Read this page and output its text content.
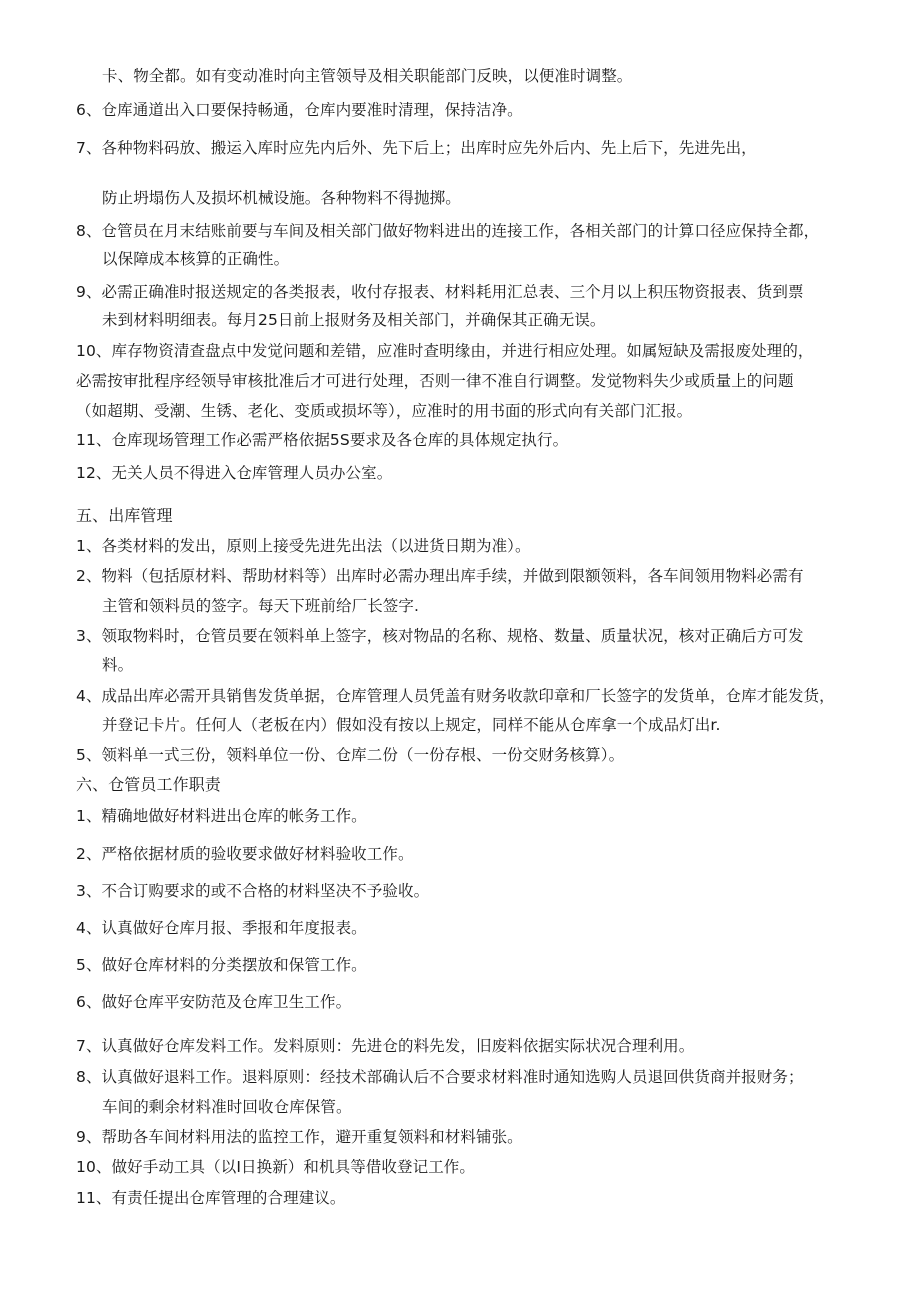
卡、物全都。如有变动准时向主管领导及相关职能部门反映，以便准时调整。
6、仓库通道出入口要保持畅通，仓库内要准时清理，保持洁净。
7、各种物料码放、搬运入库时应先内后外、先下后上；出库时应先外后内、先上后下，先进先出，
防止坍塌伤人及损坏机械设施。各种物料不得抛掷。
8、仓管员在月末结账前要与车间及相关部门做好物料进出的连接工作，各相关部门的计算口径应保持全都，
以保障成本核算的正确性。
9、必需正确准时报送规定的各类报表，收付存报表、材料耗用汇总表、三个月以上积压物资报表、货到票
未到材料明细表。每月25日前上报财务及相关部门，并确保其正确无误。
10、库存物资清查盘点中发觉问题和差错，应准时查明缘由，并进行相应处理。如属短缺及需报废处理的，
必需按审批程序经领导审核批准后才可进行处理，否则一律不准自行调整。发觉物料失少或质量上的问题
（如超期、受潮、生锈、老化、变质或损坏等），应准时的用书面的形式向有关部门汇报。
11、仓库现场管理工作必需严格依据5S要求及各仓库的具体规定执行。
12、无关人员不得进入仓库管理人员办公室。
五、出库管理
1、各类材料的发出，原则上接受先进先出法（以进货日期为准）。
2、物料（包括原材料、帮助材料等）出库时必需办理出库手续，并做到限额领料，各车间领用物料必需有
主管和领料员的签字。每天下班前给厂长签字.
3、领取物料时，仓管员要在领料单上签字，核对物品的名称、规格、数量、质量状况，核对正确后方可发
料。
4、成品出库必需开具销售发货单据，仓库管理人员凭盖有财务收款印章和厂长签字的发货单，仓库才能发货，
并登记卡片。任何人（老板在内）假如没有按以上规定，同样不能从仓库拿一个成品灯出r.
5、领料单一式三份，领料单位一份、仓库二份（一份存根、一份交财务核算）。
六、仓管员工作职责
1、精确地做好材料进出仓库的帐务工作。
2、严格依据材质的验收要求做好材料验收工作。
3、不合订购要求的或不合格的材料坚决不予验收。
4、认真做好仓库月报、季报和年度报表。
5、做好仓库材料的分类摆放和保管工作。
6、做好仓库平安防范及仓库卫生工作。
7、认真做好仓库发料工作。发料原则：先进仓的料先发，旧废料依据实际状况合理利用。
8、认真做好退料工作。退料原则：经技术部确认后不合要求材料准时通知选购人员退回供货商并报财务；
车间的剩余材料准时回收仓库保管。
9、帮助各车间材料用法的监控工作，避开重复领料和材料铺张。
10、做好手动工具（以I日换新）和机具等借收登记工作。
11、有责任提出仓库管理的合理建议。
